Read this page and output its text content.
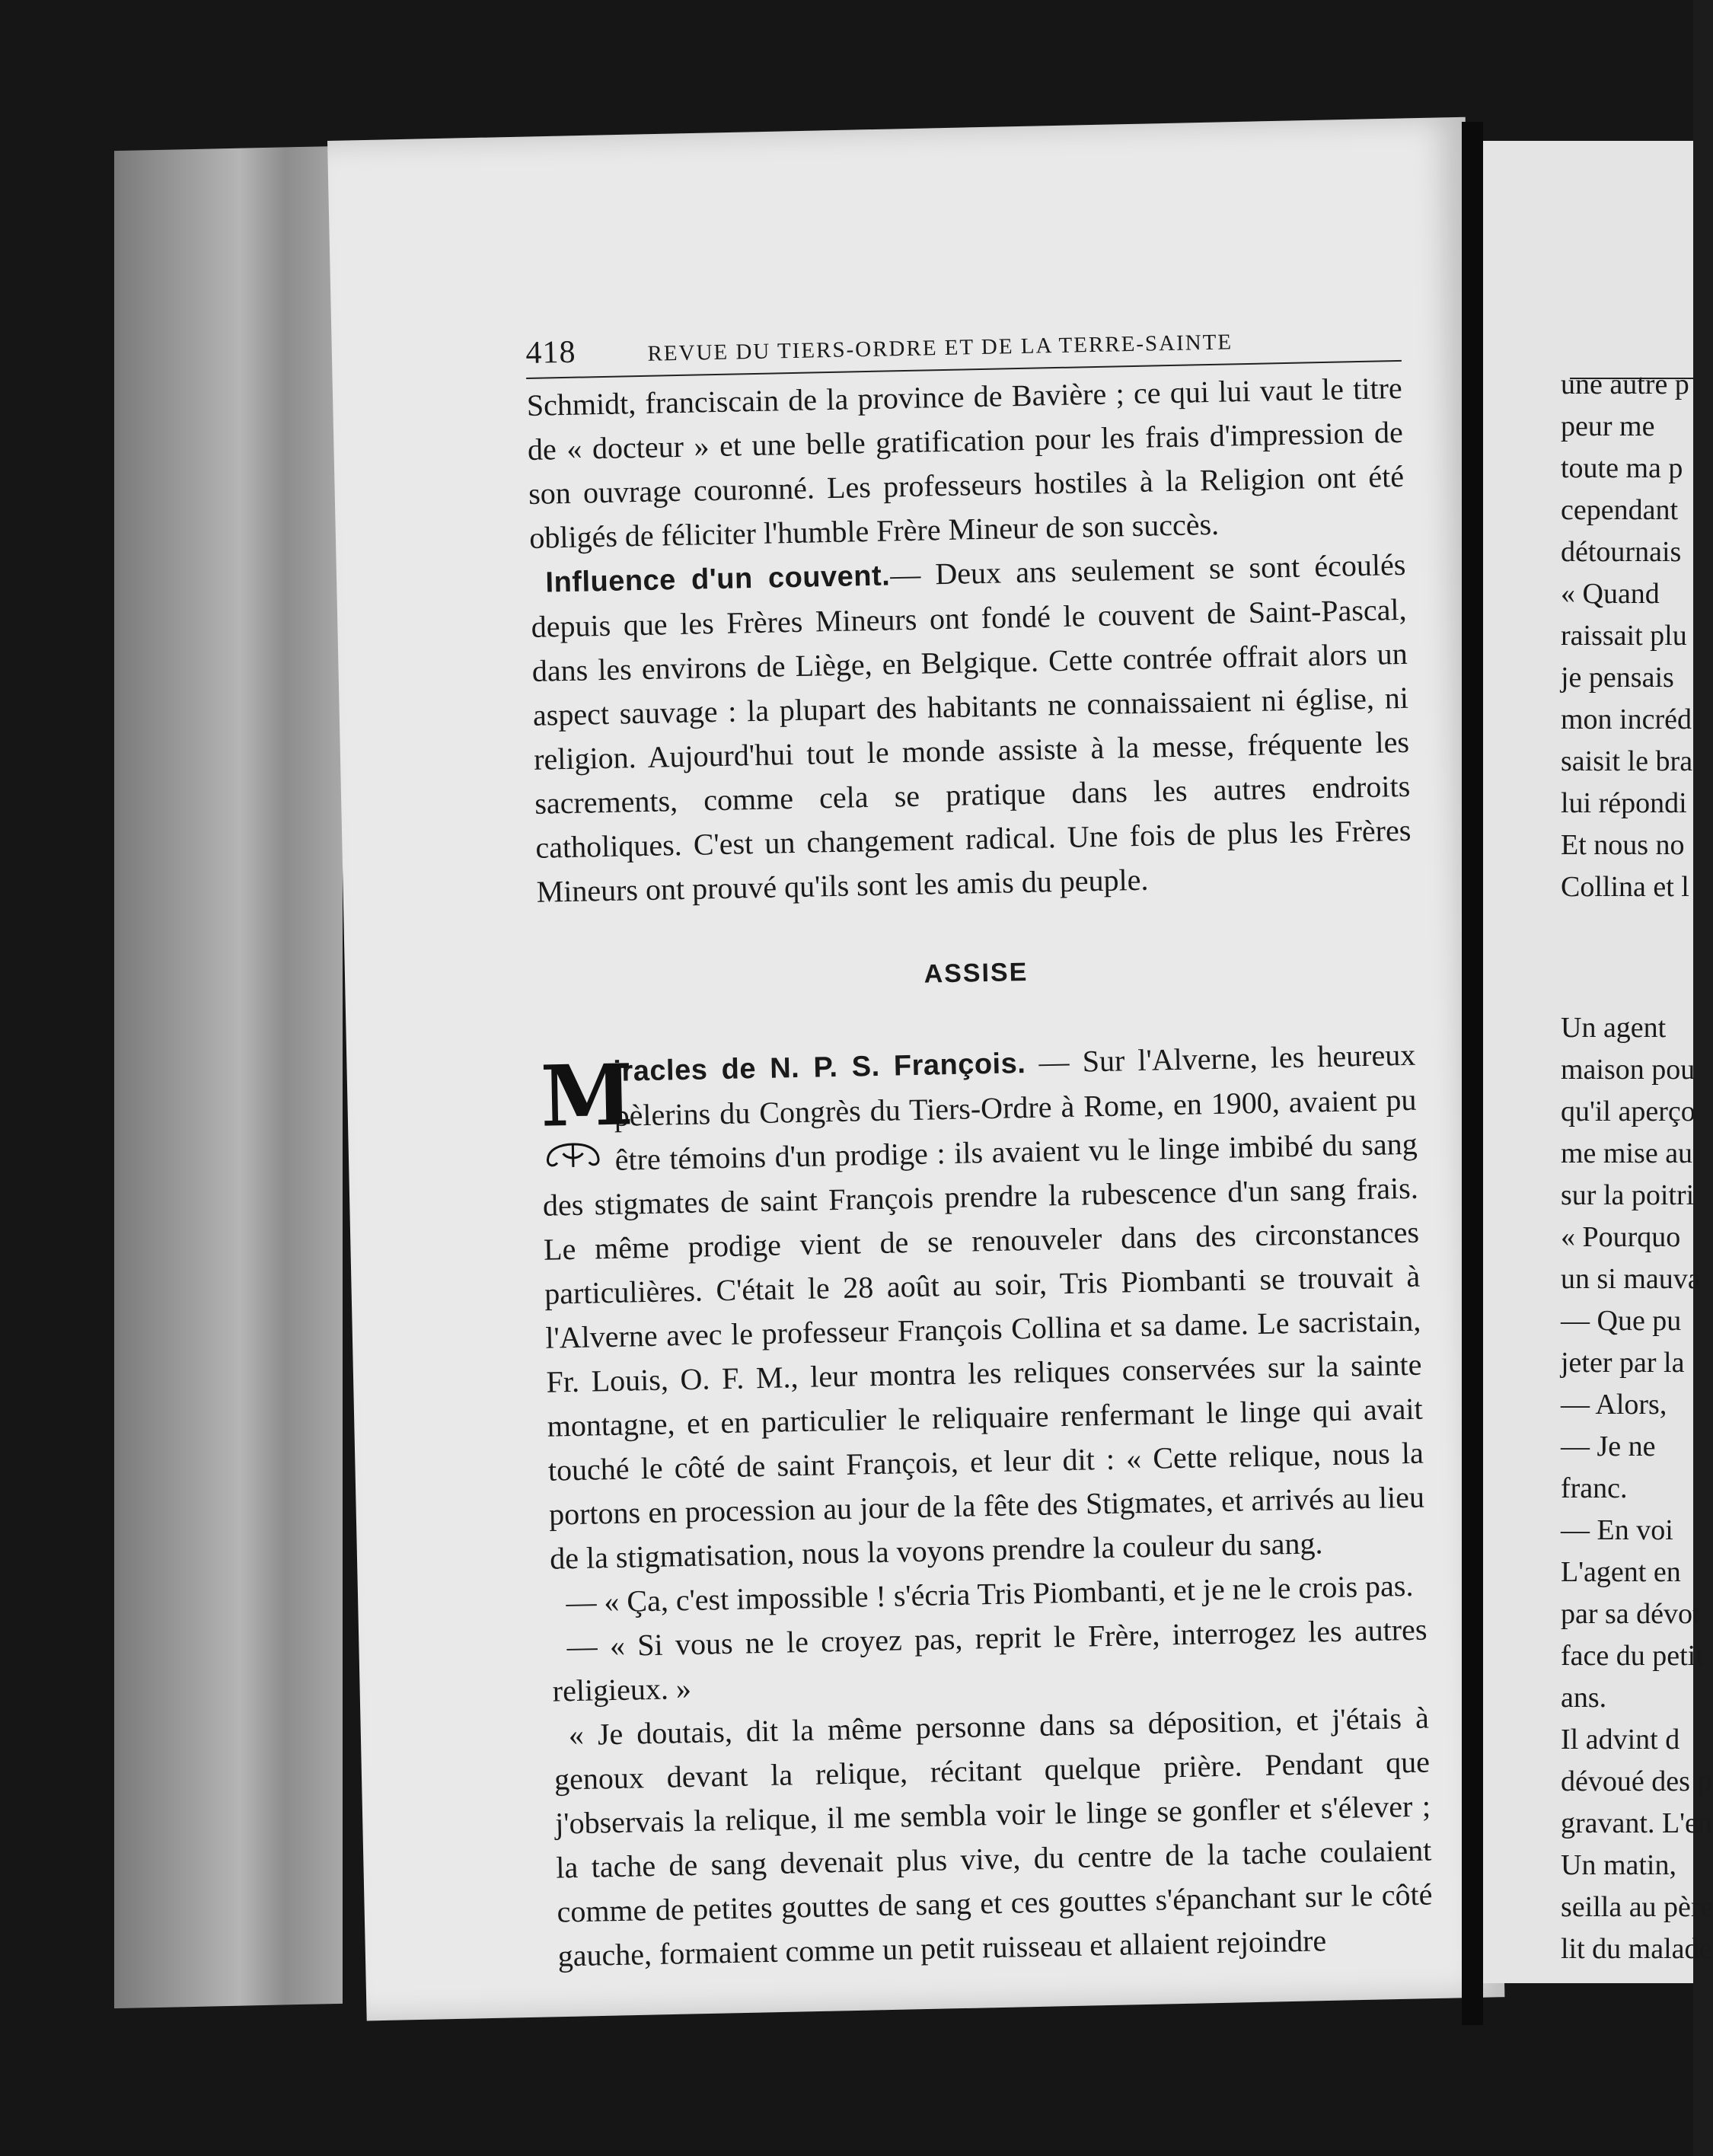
418	REVUE DU TIERS-ORDRE ET DE LA TERRE-SAINTE

Schmidt, franciscain de la province de Bavière ; ce qui lui vaut le titre de « docteur » et une belle gratification pour les frais d'impression de son ouvrage couronné. Les professeurs hostiles à la Religion ont été obligés de féliciter l'humble Frère Mineur de son succès.

Influence d'un couvent.— Deux ans seulement se sont écoulés depuis que les Frères Mineurs ont fondé le couvent de Saint-Pascal, dans les environs de Liège, en Belgique. Cette contrée offrait alors un aspect sauvage : la plupart des habitants ne connaissaient ni église, ni religion. Aujourd'hui tout le monde assiste à la messe, fréquente les sacrements, comme cela se pratique dans les autres endroits catholiques. C'est un changement radical. Une fois de plus les Frères Mineurs ont prouvé qu'ils sont les amis du peuple.

ASSISE
M

iracles de N. P. S. François. — Sur l'Alverne, les heureux pèlerins du Congrès du Tiers-Ordre à Rome, en 1900, avaient pu être témoins d'un prodige : ils avaient vu le linge imbibé du sang des stigmates de saint François prendre la rubescence d'un sang frais. Le même prodige vient de se renouveler dans des circonstances particulières. C'était le 28 août au soir, Tris Piombanti se trouvait à l'Alverne avec le professeur François Collina et sa dame. Le sacristain, Fr. Louis, O. F. M., leur montra les reliques conservées sur la sainte montagne, et en particulier le reliquaire renfermant le linge qui avait touché le côté de saint François, et leur dit : « Cette relique, nous la portons en procession au jour de la fête des Stigmates, et arrivés au lieu de la stigmatisation, nous la voyons prendre la couleur du sang.

— « Ça, c'est impossible ! s'écria Tris Piombanti, et je ne le crois pas.

— « Si vous ne le croyez pas, reprit le Frère, interrogez les autres religieux. »

« Je doutais, dit la même personne dans sa déposition, et j'étais à genoux devant la relique, récitant quelque prière. Pendant que j'observais la relique, il me sembla voir le linge se gonfler et s'élever ; la tache de sang devenait plus vive, du centre de la tache coulaient comme de petites gouttes de sang et ces gouttes s'épanchant sur le côté gauche, formaient comme un petit ruisseau et allaient rejoindre

une autre p

peur me

toute ma p

cependant

détournais

« Quand

raissait plu

je pensais

mon incréd

saisit le bra

lui répondi

Et nous no

Collina et l

Un agent

maison pou

qu'il aperço

me mise au

sur la poitri

« Pourquo

un si mauva

— Que pu

jeter par la

— Alors,

— Je ne

franc.

— En voi

L'agent en

par sa dévot

face du petit

ans.

Il advint d

dévoué des p

gravant. L'en

Un matin,

seilla au père

lit du malade
